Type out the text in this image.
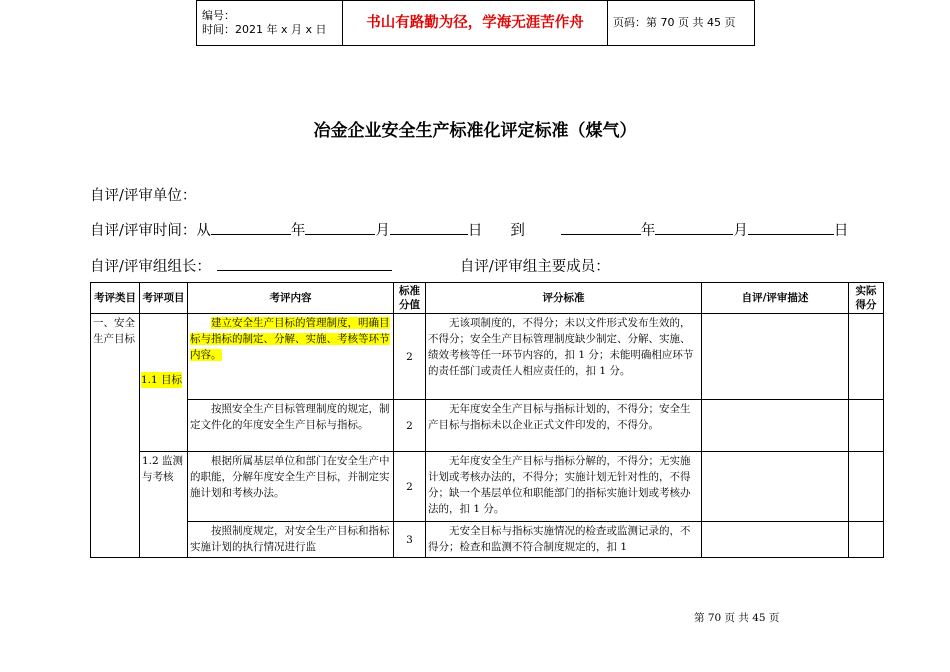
编号：
时间：2021 年 x 月 x 日	书山有路勤为径，学海无涯苦作舟	页码：第 70 页 共 45 页
冶金企业安全生产标准化评定标准（煤气）
自评/评审单位：
自评/评审时间：从	年	月	日 到	年	月	日
自评/评审组组长：	自评/评审组主要成员：
考评类目	考评项目	考评内容	标准分值	评分标准	自评/评审描述	实际得分
一、安全生产目标	1.1 目标	建立安全生产目标的管理制度，明确目标与指标的制定、分解、实施、考核等环节内容。	2	无该项制度的，不得分；未以文件形式发布生效的，不得分；安全生产目标管理制度缺少制定、分解、实施、绩效考核等任一环节内容的，扣 1 分；未能明确相应环节的责任部门或责任人相应责任的，扣 1 分。		

		按照安全生产目标管理制度的规定，制定文件化的年度安全生产目标与指标。	2	无年度安全生产目标与指标计划的，不得分；安全生产目标与指标未以企业正式文件印发的，不得分。		

	1.2 监测与考核	根据所属基层单位和部门在安全生产中的职能，分解年度安全生产目标，并制定实施计划和考核办法。	2	无年度安全生产目标与指标分解的，不得分；无实施计划或考核办法的，不得分；实施计划无针对性的，不得分；缺一个基层单位和职能部门的指标实施计划或考核办法的，扣 1 分。		

		按照制度规定，对安全生产目标和指标实施计划的执行情况进行监	3	无安全目标与指标实施情况的检查或监测记录的，不得分；检查和监测不符合制度规定的，扣 1		

第 70 页 共 45 页
